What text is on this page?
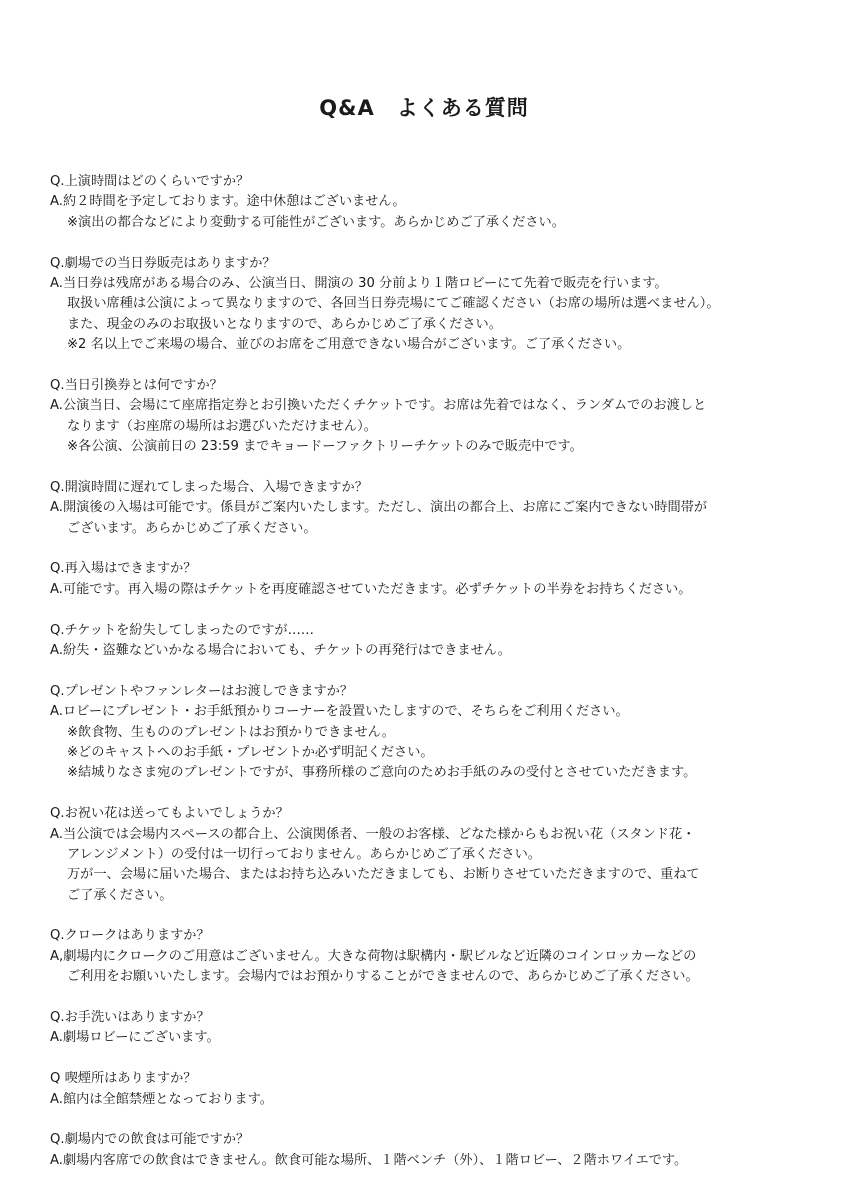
Q&A　よくある質問
Q.上演時間はどのくらいですか？
A.約２時間を予定しております。途中休憩はございません。
※演出の都合などにより変動する可能性がございます。あらかじめご了承ください。
Q.劇場での当日券販売はありますか？
A.当日券は残席がある場合のみ、公演当日、開演の 30 分前より１階ロビーにて先着で販売を行います。
取扱い席種は公演によって異なりますので、各回当日券売場にてご確認ください（お席の場所は選べません）。
また、現金のみのお取扱いとなりますので、あらかじめご了承ください。
※2 名以上でご来場の場合、並びのお席をご用意できない場合がございます。ご了承ください。
Q.当日引換券とは何ですか？
A.公演当日、会場にて座席指定券とお引換いただくチケットです。お席は先着ではなく、ランダムでのお渡しと
なります（お座席の場所はお選びいただけません）。
※各公演、公演前日の 23:59 までキョードーファクトリーチケットのみで販売中です。
Q.開演時間に遅れてしまった場合、入場できますか？
A.開演後の入場は可能です。係員がご案内いたします。ただし、演出の都合上、お席にご案内できない時間帯が
ございます。あらかじめご了承ください。
Q.再入場はできますか？
A.可能です。再入場の際はチケットを再度確認させていただきます。必ずチケットの半券をお持ちください。
Q.チケットを紛失してしまったのですが……
A.紛失・盗難などいかなる場合においても、チケットの再発行はできません。
Q.プレゼントやファンレターはお渡しできますか？
A.ロビーにプレゼント・お手紙預かりコーナーを設置いたしますので、そちらをご利用ください。
※飲食物、生もののプレゼントはお預かりできません。
※どのキャストへのお手紙・プレゼントか必ず明記ください。
※結城りなさま宛のプレゼントですが、事務所様のご意向のためお手紙のみの受付とさせていただきます。
Q.お祝い花は送ってもよいでしょうか？
A.当公演では会場内スペースの都合上、公演関係者、一般のお客様、どなた様からもお祝い花（スタンド花・
アレンジメント）の受付は一切行っておりません。あらかじめご了承ください。
万が一、会場に届いた場合、またはお持ち込みいただきましても、お断りさせていただきますので、重ねて
ご了承ください。
Q.クロークはありますか？
A,劇場内にクロークのご用意はございません。大きな荷物は駅構内・駅ビルなど近隣のコインロッカーなどの
ご利用をお願いいたします。会場内ではお預かりすることができませんので、あらかじめご了承ください。
Q.お手洗いはありますか？
A.劇場ロビーにございます。
Q 喫煙所はありますか？
A.館内は全館禁煙となっております。
Q.劇場内での飲食は可能ですか？
A.劇場内客席での飲食はできません。飲食可能な場所、１階ベンチ（外）、１階ロビー、２階ホワイエです。
